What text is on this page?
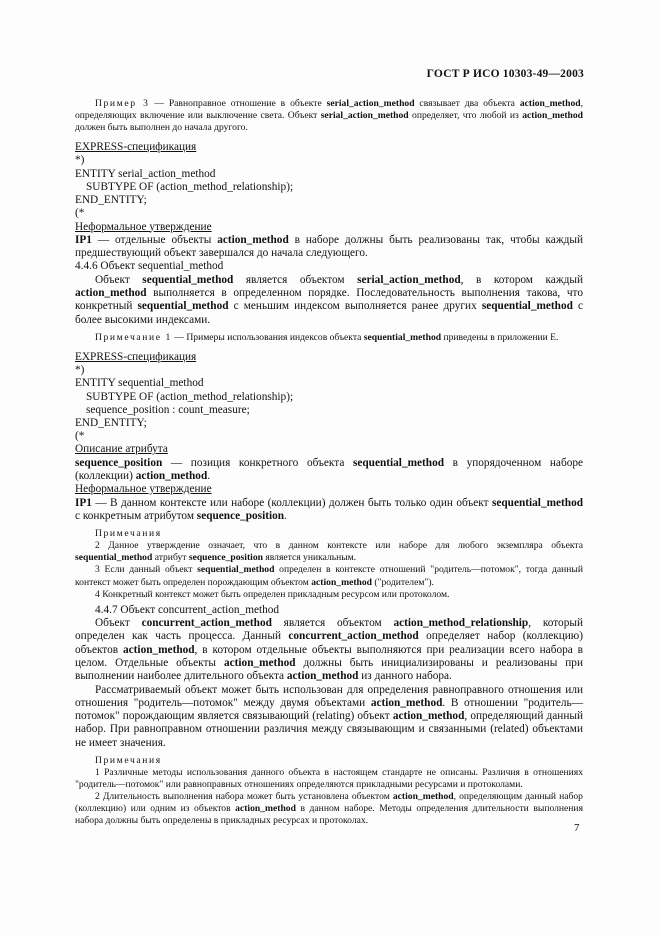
ГОСТ Р ИСО 10303-49—2003

Пример 3 — Равноправное отношение в объекте serial_action_method связывает два объекта action_method, определяющих включение или выключение света. Объект serial_action_method определяет, что любой из action_method должен быть выполнен до начала другого.

EXPRESS-спецификация
*)
ENTITY serial_action_method
SUBTYPE OF (action_method_relationship);
END_ENTITY;
(*
Неформальное утверждение

IP1 — отдельные объекты action_method в наборе должны быть реализованы так, чтобы каждый предшествующий объект завершался до начала следующего.

4.4.6 Объект sequential_method

Объект sequential_method является объектом serial_action_method, в котором каждый action_method выполняется в определенном порядке. Последовательность выполнения такова, что конкретный sequential_method с меньшим индексом выполняется ранее других sequential_method с более высокими индексами.

Примечание 1 — Примеры использования индексов объекта sequential_method приведены в приложении Е.

EXPRESS-спецификация
*)
ENTITY sequential_method
SUBTYPE OF (action_method_relationship);
sequence_position : count_measure;
END_ENTITY;
(*
Описание атрибута

sequence_position — позиция конкретного объекта sequential_method в упорядоченном наборе (коллекции) action_method.

Неформальное утверждение

IP1 — В данном контексте или наборе (коллекции) должен быть только один объект sequential_method с конкретным атрибутом sequence_position.

Примечания

2 Данное утверждение означает, что в данном контексте или наборе для любого экземпляра объекта sequential_method атрибут sequence_position является уникальным.

3 Если данный объект sequential_method определен в контексте отношений "родитель—потомок", тогда данный контекст может быть определен порождающим объектом action_method ("родителем").

4 Конкретный контекст может быть определен прикладным ресурсом или протоколом.

4.4.7 Объект concurrent_action_method

Объект concurrent_action_method является объектом action_method_relationship, который определен как часть процесса. Данный concurrent_action_method определяет набор (коллекцию) объектов action_method, в котором отдельные объекты выполняются при реализации всего набора в целом. Отдельные объекты action_method должны быть инициализированы и реализованы при выполнении наиболее длительного объекта action_method из данного набора.

Рассматриваемый объект может быть использован для определения равноправного отношения или отношения "родитель—потомок" между двумя объектами action_method. В отношении "родитель—потомок" порождающим является связывающий (relating) объект action_method, определяющий данный набор. При равноправном отношении различия между связывающим и связанными (related) объектами не имеет значения.

Примечания

1 Различные методы использования данного объекта в настоящем стандарте не описаны. Различия в отношениях "родитель—потомок" или равноправных отношениях определяются прикладными ресурсами и протоколами.

2 Длительность выполнения набора может быть установлена объектом action_method, определяющим данный набор (коллекцию) или одним из объектов action_method в данном наборе. Методы определения длительности выполнения набора должны быть определены в прикладных ресурсах и протоколах.

7
